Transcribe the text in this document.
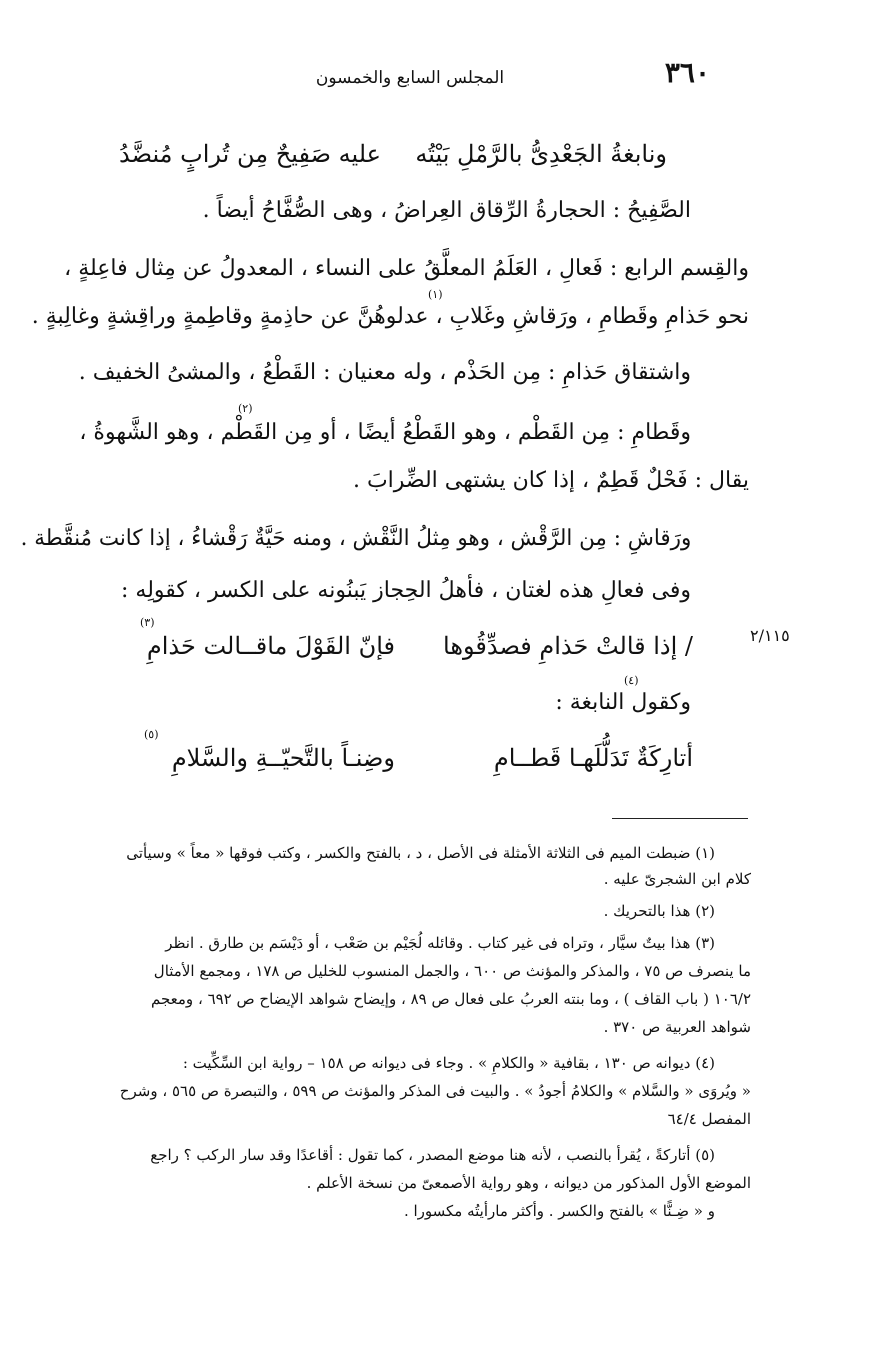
٣٦٠
المجلس السابع والخمسون
ونابغةُ الجَعْدِىُّ بالرَّمْلِ بَيْتُه
عليه صَفِيحٌ مِن تُرابٍ مُنضَّدُ
الصَّفِيحُ : الحجارةُ الرِّقاق العِراضُ ، وهى الصُّفَّاحُ أيضاً .
والقِسم الرابع : فَعالِ ، العَلَمُ المعلَّقُ على النساء ، المعدولُ عن مِثال فاعِلةٍ ،
نحو حَذامِ وقَطامِ ، ورَقاشِ وغَلابِ ، عدلوهُنَّ عن حاذِمةٍ وقاطِمةٍ وراقِشةٍ وغالِبةٍ .
(١)
واشتقاق حَذامِ : مِن الحَذْم ، وله معنيان : القَطْعُ ، والمشىُ الخفيف .
وقَطامِ : مِن القَطْم ، وهو القَطْعُ أيضًا ، أو مِن القَطْم ، وهو الشَّهوةُ ،
يقال : فَحْلٌ قَطِمٌ ، إذا كان يشتهى الضِّرابَ .
(٢)
ورَقاشِ : مِن الرَّقْش ، وهو مِثلُ النَّقْش ، ومنه حَيَّةٌ رَقْشاءُ ، إذا كانت مُنقَّطة .
وفى فعالِ هذه لغتان ، فأهلُ الحِجاز يَبنُونه على الكسر ، كقولِه :
٢/١١٥
/ إذا قالتْ حَذامِ فصدِّقُوها
فإنّ القَوْلَ ماقــالت حَذامِ
(٣)
وكقول النابغة :
(٤)
أتارِكَةٌ تَدَلُّلَهـا قَطــامِ
وضِنـاً بالتَّحيّــةِ والسَّلامِ
(٥)
(١) ضبطت الميم فى الثلاثة الأمثلة فى الأصل ، د ، بالفتح والكسر ، وكتب فوقها « معاً » وسيأتى
كلام ابن الشجرىّ عليه .
(٢) هذا بالتحريك .
(٣) هذا بيتٌ سيَّار ، وتراه فى غير كتاب . وقائله لُجَيْم بن صَعْب ، أو دَيْسَم بن طارق . انظر
ما ينصرف ص ٧٥ ، والمذكر والمؤنث ص ٦٠٠ ، والجمل المنسوب للخليل ص ١٧٨ ، ومجمع الأمثال
١٠٦/٢ ( باب القاف ) ، وما بنته العربُ على فعال ص ٨٩ ، وإيضاح شواهد الإيضاح ص ٦٩٢ ، ومعجم
شواهد العربية ص ٣٧٠ .
(٤) ديوانه ص ١٣٠ ، بقافية « والكلامِ » . وجاء فى ديوانه ص ١٥٨ – رواية ابن السِّكِّيت :
« ويُروَى « والسَّلام » والكلامُ أجودُ » . والبيت فى المذكر والمؤنث ص ٥٩٩ ، والتبصرة ص ٥٦٥ ، وشرح
المفصل ٦٤/٤
(٥) أتاركةً ، يُقرأ بالنصب ، لأنه هنا موضع المصدر ، كما تقول : أقاعدًا وقد سار الركب ؟ راجع
الموضع الأول المذكور من ديوانه ، وهو رواية الأصمعىّ من نسخة الأعلم .
و « ضِـنًّا » بالفتح والكسر . وأكثر مارأيتُه مكسورا .
